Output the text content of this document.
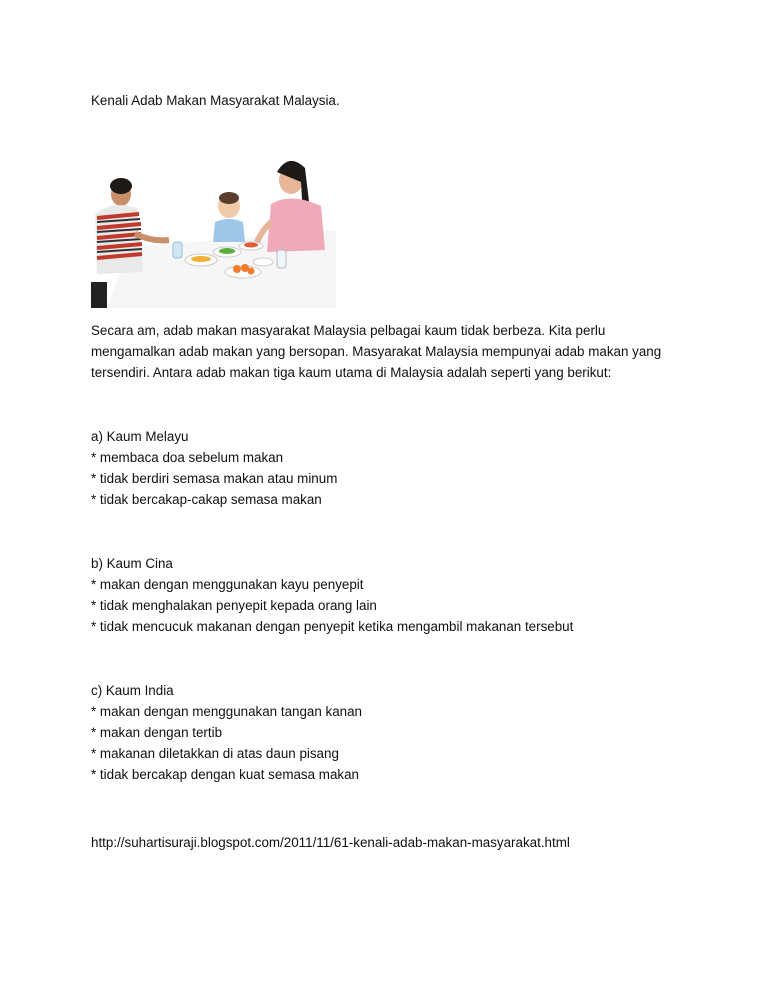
Kenali Adab Makan Masyarakat Malaysia.

Secara am, adab makan masyarakat Malaysia pelbagai kaum tidak berbeza. Kita perlu

mengamalkan adab makan yang bersopan. Masyarakat Malaysia mempunyai adab makan yang

tersendiri. Antara adab makan tiga kaum utama di Malaysia adalah seperti yang berikut:

a) Kaum Melayu
* membaca doa sebelum makan
* tidak berdiri semasa makan atau minum
* tidak bercakap-cakap semasa makan
b) Kaum Cina
* makan dengan menggunakan kayu penyepit
* tidak menghalakan penyepit kepada orang lain
* tidak mencucuk makanan dengan penyepit ketika mengambil makanan tersebut
c) Kaum India
* makan dengan menggunakan tangan kanan
* makan dengan tertib
* makanan diletakkan di atas daun pisang
* tidak bercakap dengan kuat semasa makan
http://suhartisuraji.blogspot.com/2011/11/61-kenali-adab-makan-masyarakat.html
